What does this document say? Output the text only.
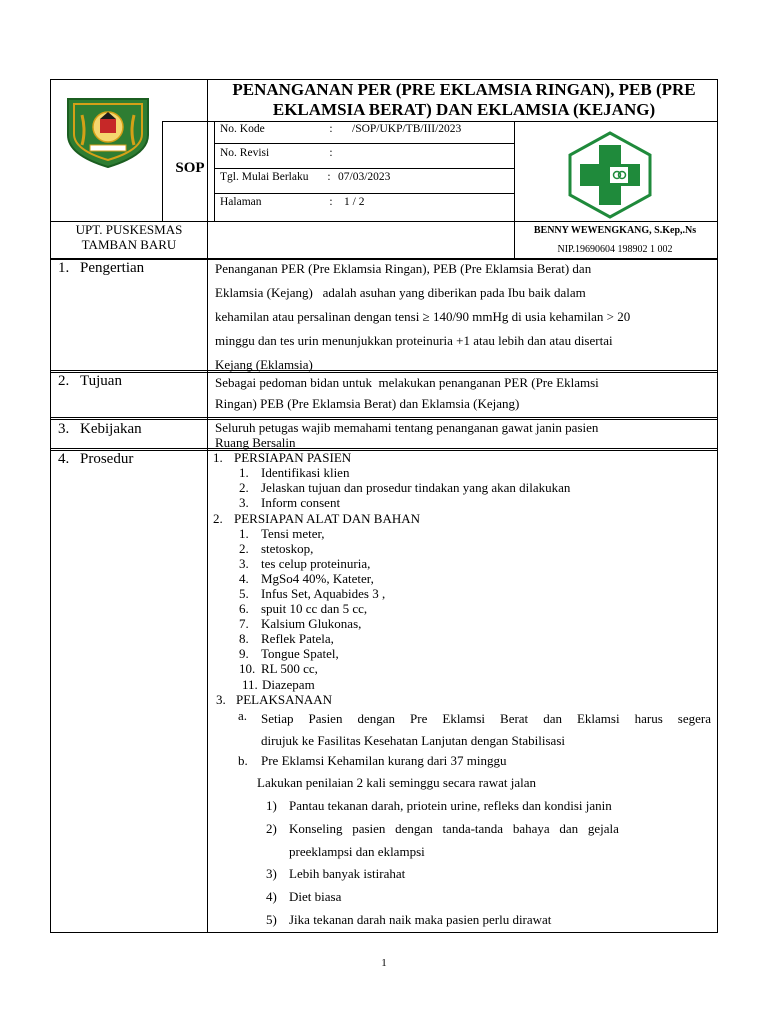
PENANGANAN PER (PRE EKLAMSIA RINGAN), PEB (PRE
EKLAMSIA BERAT) DAN EKLAMSIA (KEJANG)
SOP
No. Kode	: /SOP/UKP/TB/III/2023
No. Revisi	:
Tgl. Mulai Berlaku : 07/03/2023
Halaman	: 1 / 2
UPT. PUSKESMAS
TAMBAN BARU
BENNY WEWENGKANG, S.Kep,.Ns
NIP.19690604 198902 1 002
1. Pengertian	Penanganan PER (Pre Eklamsia Ringan), PEB (Pre Eklamsia Berat) dan
Eklamsia (Kejang)   adalah asuhan yang diberikan pada Ibu baik dalam
kehamilan atau persalinan dengan tensi ≥ 140/90 mmHg di usia kehamilan > 20
minggu dan tes urin menunjukkan proteinuria +1 atau lebih dan atau disertai
Kejang (Eklamsia)
2. Tujuan	Sebagai pedoman bidan untuk  melakukan penanganan PER (Pre Eklamsi
Ringan) PEB (Pre Eklamsia Berat) dan Eklamsia (Kejang)
3. Kebijakan	Seluruh petugas wajib memahami tentang penanganan gawat janin pasien
Ruang Bersalin
4. Prosedur	1. PERSIAPAN PASIEN
1. Identifikasi klien
2. Jelaskan tujuan dan prosedur tindakan yang akan dilakukan
3. Inform consent
2. PERSIAPAN ALAT DAN BAHAN
1. Tensi meter,
2. stetoskop,
3. tes celup proteinuria,
4. MgSo4 40%, Kateter,
5. Infus Set, Aquabides 3 ,
6. spuit 10 cc dan 5 cc,
7. Kalsium Glukonas,
8. Reflek Patela,
9. Tongue Spatel,
10. RL 500 cc,
11. Diazepam
3. PELAKSANAAN
a. Setiap Pasien dengan Pre Eklamsi Berat dan Eklamsi harus segera
dirujuk ke Fasilitas Kesehatan Lanjutan dengan Stabilisasi
b. Pre Eklamsi Kehamilan kurang dari 37 minggu
Lakukan penilaian 2 kali seminggu secara rawat jalan
1) Pantau tekanan darah, priotein urine, refleks dan kondisi janin
2) Konseling   pasien   dengan   tanda-tanda   bahaya   dan   gejala
preeklampsi dan eklampsi
3) Lebih banyak istirahat
4) Diet biasa
5) Jika tekanan darah naik maka pasien perlu dirawat
1
